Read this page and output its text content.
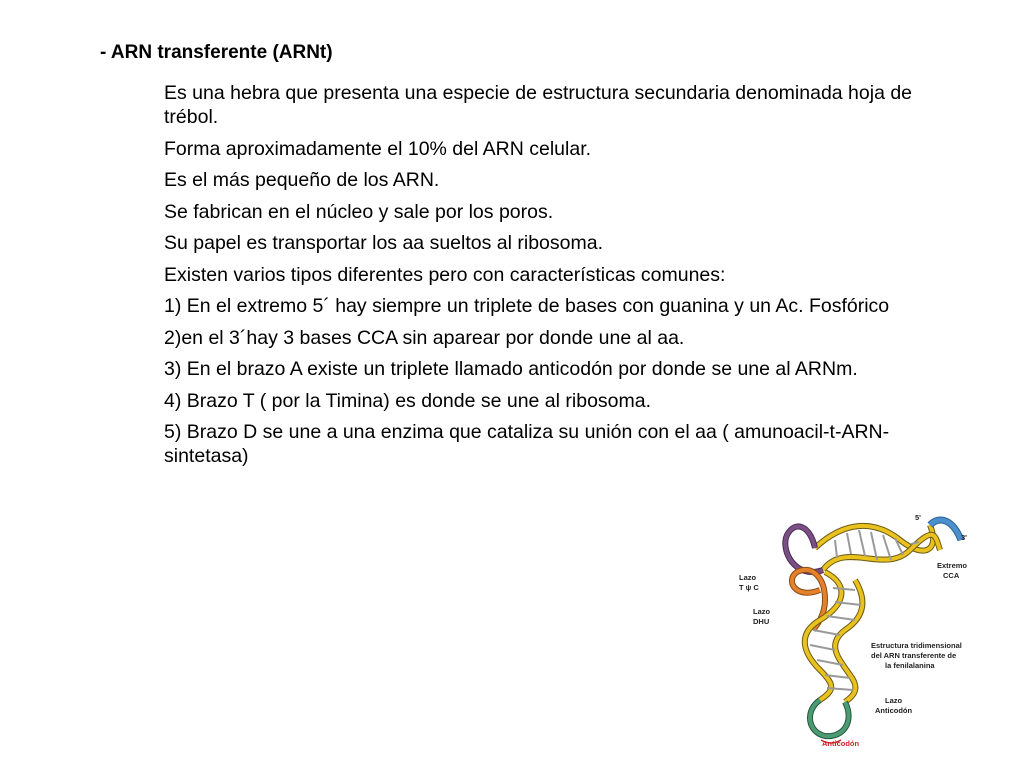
- ARN transferente (ARNt)
Es una hebra que presenta una especie de estructura secundaria denominada hoja de trébol.
Forma aproximadamente el 10% del ARN celular.
Es el más pequeño de los ARN.
Se fabrican en el núcleo y sale por los poros.
Su papel es transportar los aa sueltos al ribosoma.
Existen varios tipos diferentes pero con características comunes:
1) En el extremo 5´ hay siempre un triplete de bases con guanina y un Ac. Fosfórico
2)en el 3´hay 3 bases CCA sin aparear por donde une al aa.
3) En el brazo A existe un triplete llamado anticodón por donde se une al ARNm.
4) Brazo T ( por la Timina) es donde se une al ribosoma.
5) Brazo D se une a una enzima que cataliza su unión con el aa ( amunoacil-t-ARN-sintetasa)
5'
3'
Extremo
CCA
Lazo
T ψ C
Lazo
DHU
Estructura tridimensional
del ARN transferente de
la fenilalanina
Lazo
Anticodón
Anticodón
